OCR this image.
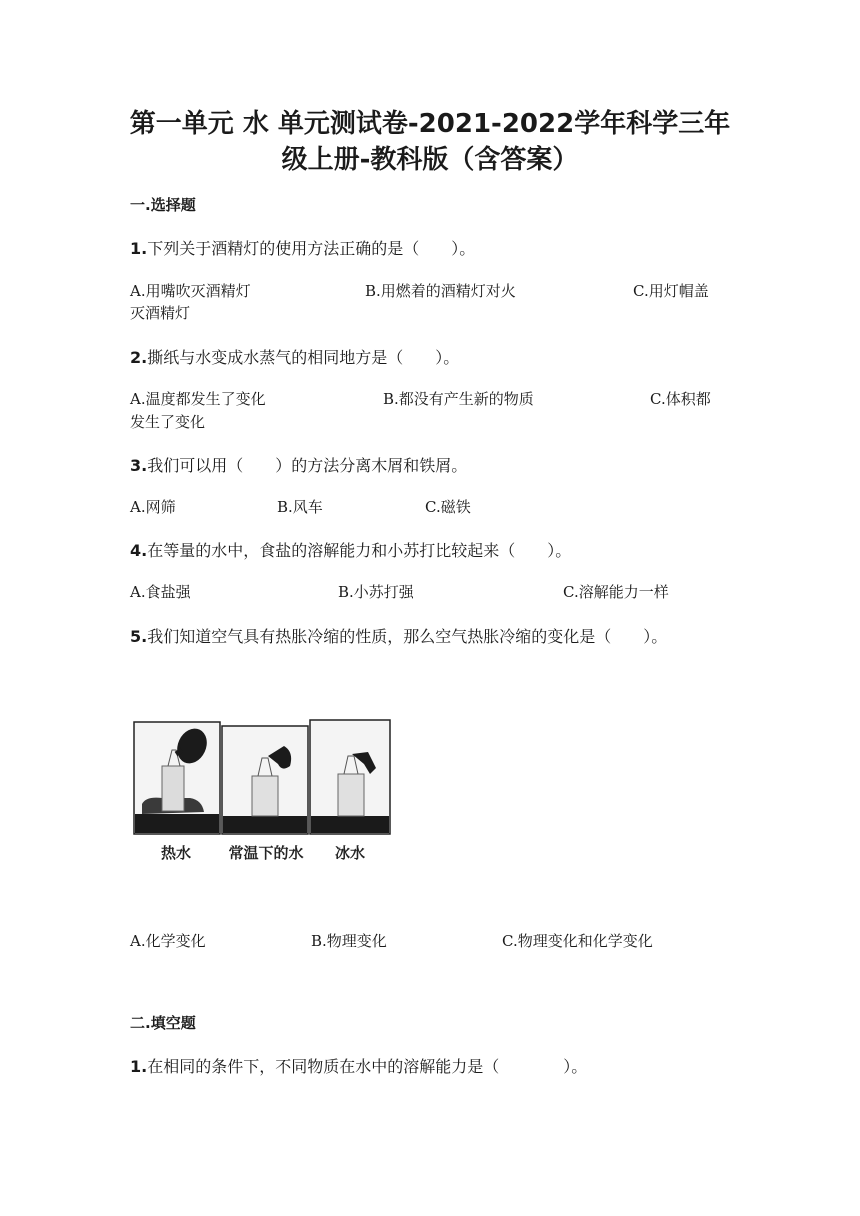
第一单元 水 单元测试卷-2021-2022学年科学三年
级上册-教科版（含答案）
一.选择题
1.下列关于酒精灯的使用方法正确的是（　　）。
A.用嘴吹灭酒精灯	B.用燃着的酒精灯对火	C.用灯帽盖
灭酒精灯
2.撕纸与水变成水蒸气的相同地方是（　　）。
A.温度都发生了变化	B.都没有产生新的物质	C.体积都
发生了变化
3.我们可以用（　　）的方法分离木屑和铁屑。
A.网筛	B.风车	C.磁铁
4.在等量的水中，食盐的溶解能力和小苏打比较起来（　　）。
A.食盐强	B.小苏打强	C.溶解能力一样
5.我们知道空气具有热胀冷缩的性质，那么空气热胀冷缩的变化是（　　）。
热水 常温下的水 冰水
A.化学变化	B.物理变化	C.物理变化和化学变化
二.填空题
1.在相同的条件下，不同物质在水中的溶解能力是（　　　　）。
